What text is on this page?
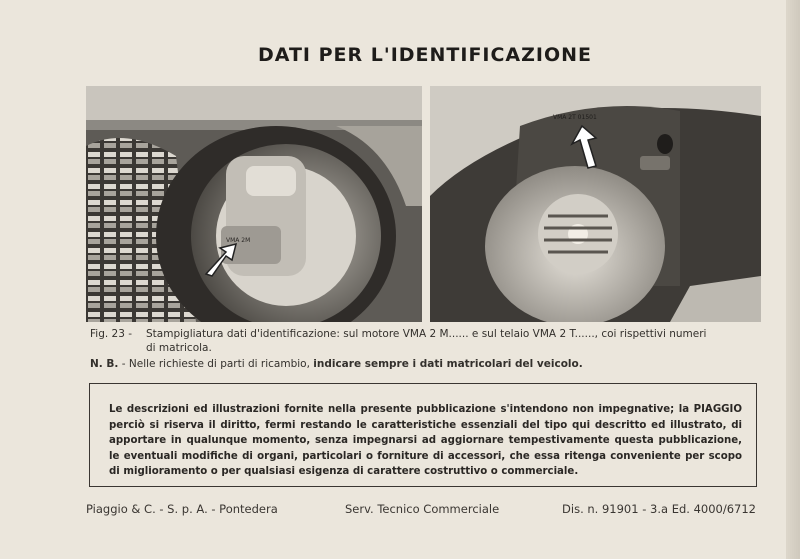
DATI PER L'IDENTIFICAZIONE
VMA 2M
VMA 2T 01501
Fig. 23 - Stampigliatura dati d'identificazione: sul motore VMA 2 M...... e sul telaio VMA 2 T......, coi rispettivi numeri
di matricola.
N. B. - Nelle richieste di parti di ricambio, indicare sempre i dati matricolari del veicolo.

Le descrizioni ed illustrazioni fornite nella presente pubblicazione s'intendono non impegnative; la PIAGGIO perciò si riserva il diritto, fermi restando le caratteristiche essenziali del tipo qui descritto ed illustrato, di apportare in qualunque momento, senza impegnarsi ad aggiornare tempestivamente questa pubblicazione, le eventuali modifiche di organi, particolari o forniture di accessori, che essa ritenga conveniente per scopo di miglioramento o per qualsiasi esigenza di carattere costruttivo o commerciale.

Piaggio & C. - S. p. A. - Pontedera	Serv. Tecnico Commerciale	Dis. n. 91901 - 3.a Ed. 4000/6712
